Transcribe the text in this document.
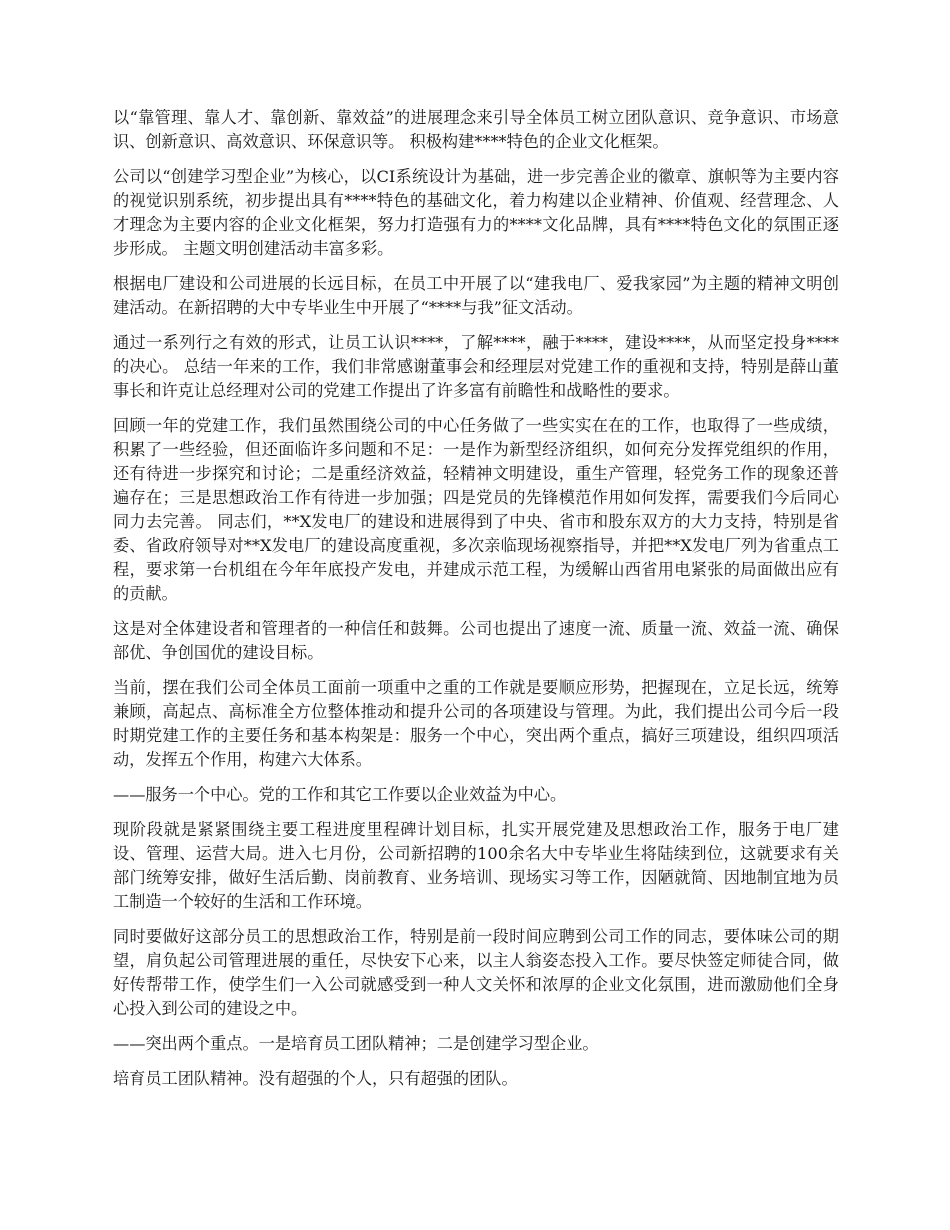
以“靠管理、靠人才、靠创新、靠效益”的进展理念来引导全体员工树立团队意识、竞争意识、市场意识、创新意识、高效意识、环保意识等。 积极构建****特色的企业文化框架。

公司以“创建学习型企业”为核心，以CI系统设计为基础，进一步完善企业的徽章、旗帜等为主要内容的视觉识别系统，初步提出具有****特色的基础文化，着力构建以企业精神、价值观、经营理念、人才理念为主要内容的企业文化框架，努力打造强有力的****文化品牌，具有****特色文化的氛围正逐步形成。 主题文明创建活动丰富多彩。

根据电厂建设和公司进展的长远目标，在员工中开展了以“建我电厂、爱我家园”为主题的精神文明创建活动。在新招聘的大中专毕业生中开展了“****与我”征文活动。

通过一系列行之有效的形式，让员工认识****，了解****，融于****，建设****，从而坚定投身****的决心。 总结一年来的工作，我们非常感谢董事会和经理层对党建工作的重视和支持，特别是薛山董事长和许克让总经理对公司的党建工作提出了许多富有前瞻性和战略性的要求。

回顾一年的党建工作，我们虽然围绕公司的中心任务做了一些实实在在的工作，也取得了一些成绩，积累了一些经验，但还面临许多问题和不足：一是作为新型经济组织，如何充分发挥党组织的作用，还有待进一步探究和讨论；二是重经济效益，轻精神文明建设，重生产管理，轻党务工作的现象还普遍存在；三是思想政治工作有待进一步加强；四是党员的先锋模范作用如何发挥，需要我们今后同心同力去完善。 同志们，**X发电厂的建设和进展得到了中央、省市和股东双方的大力支持，特别是省委、省政府领导对**X发电厂的建设高度重视，多次亲临现场视察指导，并把**X发电厂列为省重点工程，要求第一台机组在今年年底投产发电，并建成示范工程，为缓解山西省用电紧张的局面做出应有的贡献。

这是对全体建设者和管理者的一种信任和鼓舞。公司也提出了速度一流、质量一流、效益一流、确保部优、争创国优的建设目标。

当前，摆在我们公司全体员工面前一项重中之重的工作就是要顺应形势，把握现在，立足长远，统筹兼顾，高起点、高标准全方位整体推动和提升公司的各项建设与管理。为此，我们提出公司今后一段时期党建工作的主要任务和基本构架是：服务一个中心，突出两个重点，搞好三项建设，组织四项活动，发挥五个作用，构建六大体系。

——服务一个中心。党的工作和其它工作要以企业效益为中心。

现阶段就是紧紧围绕主要工程进度里程碑计划目标，扎实开展党建及思想政治工作，服务于电厂建设、管理、运营大局。进入七月份，公司新招聘的100余名大中专毕业生将陆续到位，这就要求有关部门统筹安排，做好生活后勤、岗前教育、业务培训、现场实习等工作，因陋就简、因地制宜地为员工制造一个较好的生活和工作环境。

同时要做好这部分员工的思想政治工作，特别是前一段时间应聘到公司工作的同志，要体味公司的期望，肩负起公司管理进展的重任，尽快安下心来，以主人翁姿态投入工作。要尽快签定师徒合同，做好传帮带工作，使学生们一入公司就感受到一种人文关怀和浓厚的企业文化氛围，进而激励他们全身心投入到公司的建设之中。

——突出两个重点。一是培育员工团队精神；二是创建学习型企业。

培育员工团队精神。没有超强的个人，只有超强的团队。
